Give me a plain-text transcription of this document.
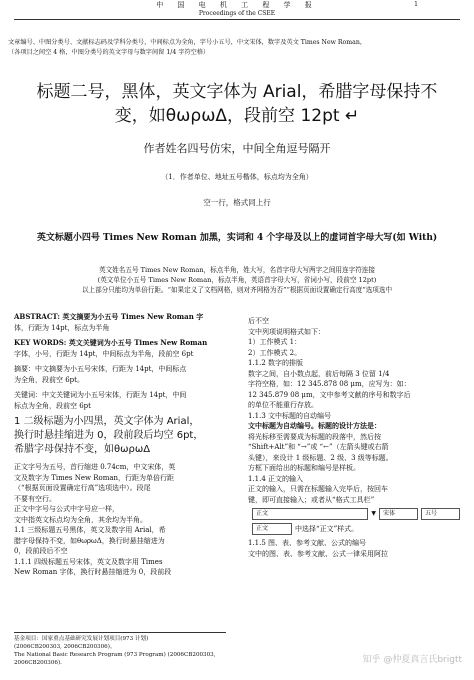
中 国 电 机 工 程 学 报
Proceedings of the CSEE
1
文章编号、中图分类号、文献标志码及学科分类号，中间标点为全角，字号小五号，中文宋体，数字及英文 Times New Roman，
（各项目之间空 4 格，中图分类号的英文字母与数字间留 1/4 字符空格）
标题二号，黑体，英文字体为 Arial，希腊字母保持不变，如θωρωΔ，段前空 12pt ↵
作者姓名四号仿宋，中间全角逗号隔开
（1．作者单位、地址五号楷体，标点均为全角）
空一行，格式同上行
英文标题小四号 Times New Roman 加黑，实词和 4 个字母及以上的虚词首字母大写(如 With)
英文姓名五号 Times New Roman，标点半角，姓大写，名首字母大写两字之间用连字符连接
(英文单位小五号 Times New Roman，标点半角，英语首字母大写，省词小写，段前空 12pt)
以上部分只能均为单倍行距。“如果定义了文档网格，则对齐网格为否”“根据页面设置确定行高度”选项选中
ABSTRACT: 英文摘要为小五号 Times New Roman 字
体，行距为 14pt，标点为半角
KEY WORDS: 英文关键词为小五号 Times New Roman
字体，小号，行距为 14pt，中间标点为半角，段前空 6pt
摘要：中文摘要为小五号宋体，行距为 14pt，中间标点
为全角，段前空 6pt。
关键词：中文关键词为小五号宋体，行距为 14pt，中间
标点为全角，段前空 6pt
1 二级标题为小四黑，英文字体为 Arial，
换行时悬挂缩进为 0，段前段后均空 6pt，
希腊字母保持不变，如θωρωΔ
正文字号为五号，首行缩进 0.74cm，中文宋体，英
文及数字为 Times New Roman，行距为单倍行距
（“根据页面设置确定行高”选项选中）。段尾
不要有空行。
正文中字号与公式中字号应一样，
文中指英文标点均为全角，其余均为半角。
1.1 三级标题五号黑体，英文及数字用 Arial，希
腊字母保持不变，如θωρωΔ，换行时悬挂缩进为
0，段前段后不空
1.1.1 四级标题五号宋体，英文及数字用 Times
New Roman 字体，换行时悬挂缩进为 0，段前段
后不空
文中列项说明格式如下：
1）工作模式 1：
2）工作模式 2。
1.1.2 数字的排版
数字之间，自小数点起，前后每隔 3 位留 1/4
字符空格，如：12 345.878 08 μm，应写为：如：
12 345.879 08 μm，文中参考文献的序号和数字后
的单位不能重行存放。
1.1.3 文中标题的自动编号
文中标题为自动编号。标题的设计方法是：
将光标移至需要成为标题的段落中，然后按
“Shift+Alt”和 “→”或 “←”（左箭头键或右箭
头键），来设计 1 级标题、2 级、3 级等标题。
方框下面给出的标题和编号是样板。
1.1.4 正文的输入
正文的输入，只需在标题输入完毕后，按回车
键，即可直接输入；或者从“格式工具栏”
正文	▼	宋体	五号
正文	中选择“正文”样式。
1.1.5 图、表、参考文献、公式的编号
文中的图、表、参考文献、公式一律采用阿拉
基金项目：国家重点基础研究发展计划项目(973 计划)
(2006CB200303, 2006CB200306)。
The National Basic Research Program (973 Program) (2006CB200303,
2006CB200306).	知乎 @仲夏真言氏brigtt
